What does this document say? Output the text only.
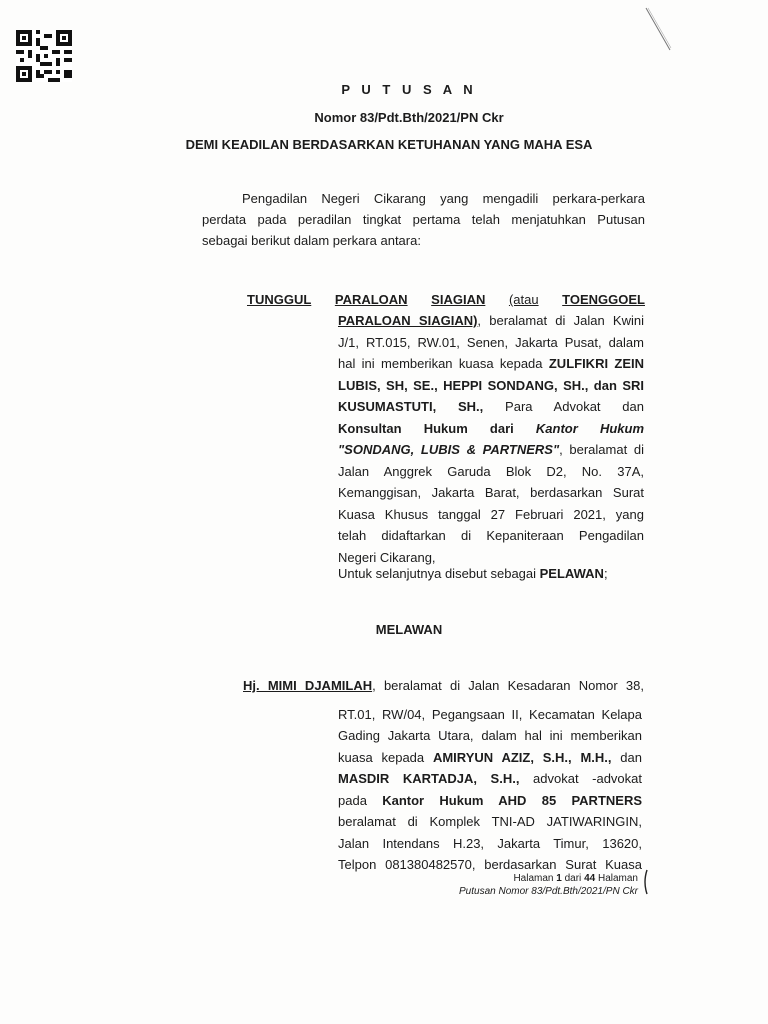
P U T U S A N
Nomor 83/Pdt.Bth/2021/PN Ckr
DEMI KEADILAN BERDASARKAN KETUHANAN YANG MAHA ESA
Pengadilan Negeri Cikarang yang mengadili perkara-perkara
perdata pada peradilan tingkat pertama telah menjatuhkan Putusan
sebagai berikut dalam perkara antara:
TUNGGUL PARALOAN SIAGIAN (atau TOENGGOEL
PARALOAN SIAGIAN), beralamat di Jalan Kwini
J/1, RT.015, RW.01, Senen, Jakarta Pusat, dalam
hal ini memberikan kuasa kepada ZULFIKRI ZEIN
LUBIS, SH, SE., HEPPI SONDANG, SH., dan SRI
KUSUMASTUTI, SH., Para Advokat dan
Konsultan Hukum dari Kantor Hukum
"SONDANG, LUBIS & PARTNERS", beralamat di
Jalan Anggrek Garuda Blok D2, No. 37A,
Kemanggisan, Jakarta Barat, berdasarkan Surat
Kuasa Khusus tanggal 27 Februari 2021, yang
telah didaftarkan di Kepaniteraan Pengadilan
Negeri Cikarang,
Untuk selanjutnya disebut sebagai PELAWAN;
MELAWAN
Hj. MIMI DJAMILAH, beralamat di Jalan Kesadaran Nomor 38,
RT.01, RW/04, Pegangsaan II, Kecamatan Kelapa
Gading Jakarta Utara, dalam hal ini memberikan
kuasa kepada AMIRYUN AZIZ, S.H., M.H., dan
MASDIR KARTADJA, S.H., advokat -advokat
pada Kantor Hukum AHD 85 PARTNERS
beralamat di Komplek TNI-AD JATIWARINGIN,
Jalan Intendans H.23, Jakarta Timur, 13620,
Telpon 081380482570, berdasarkan Surat Kuasa
Halaman 1 dari 44 Halaman
Putusan Nomor 83/Pdt.Bth/2021/PN Ckr
